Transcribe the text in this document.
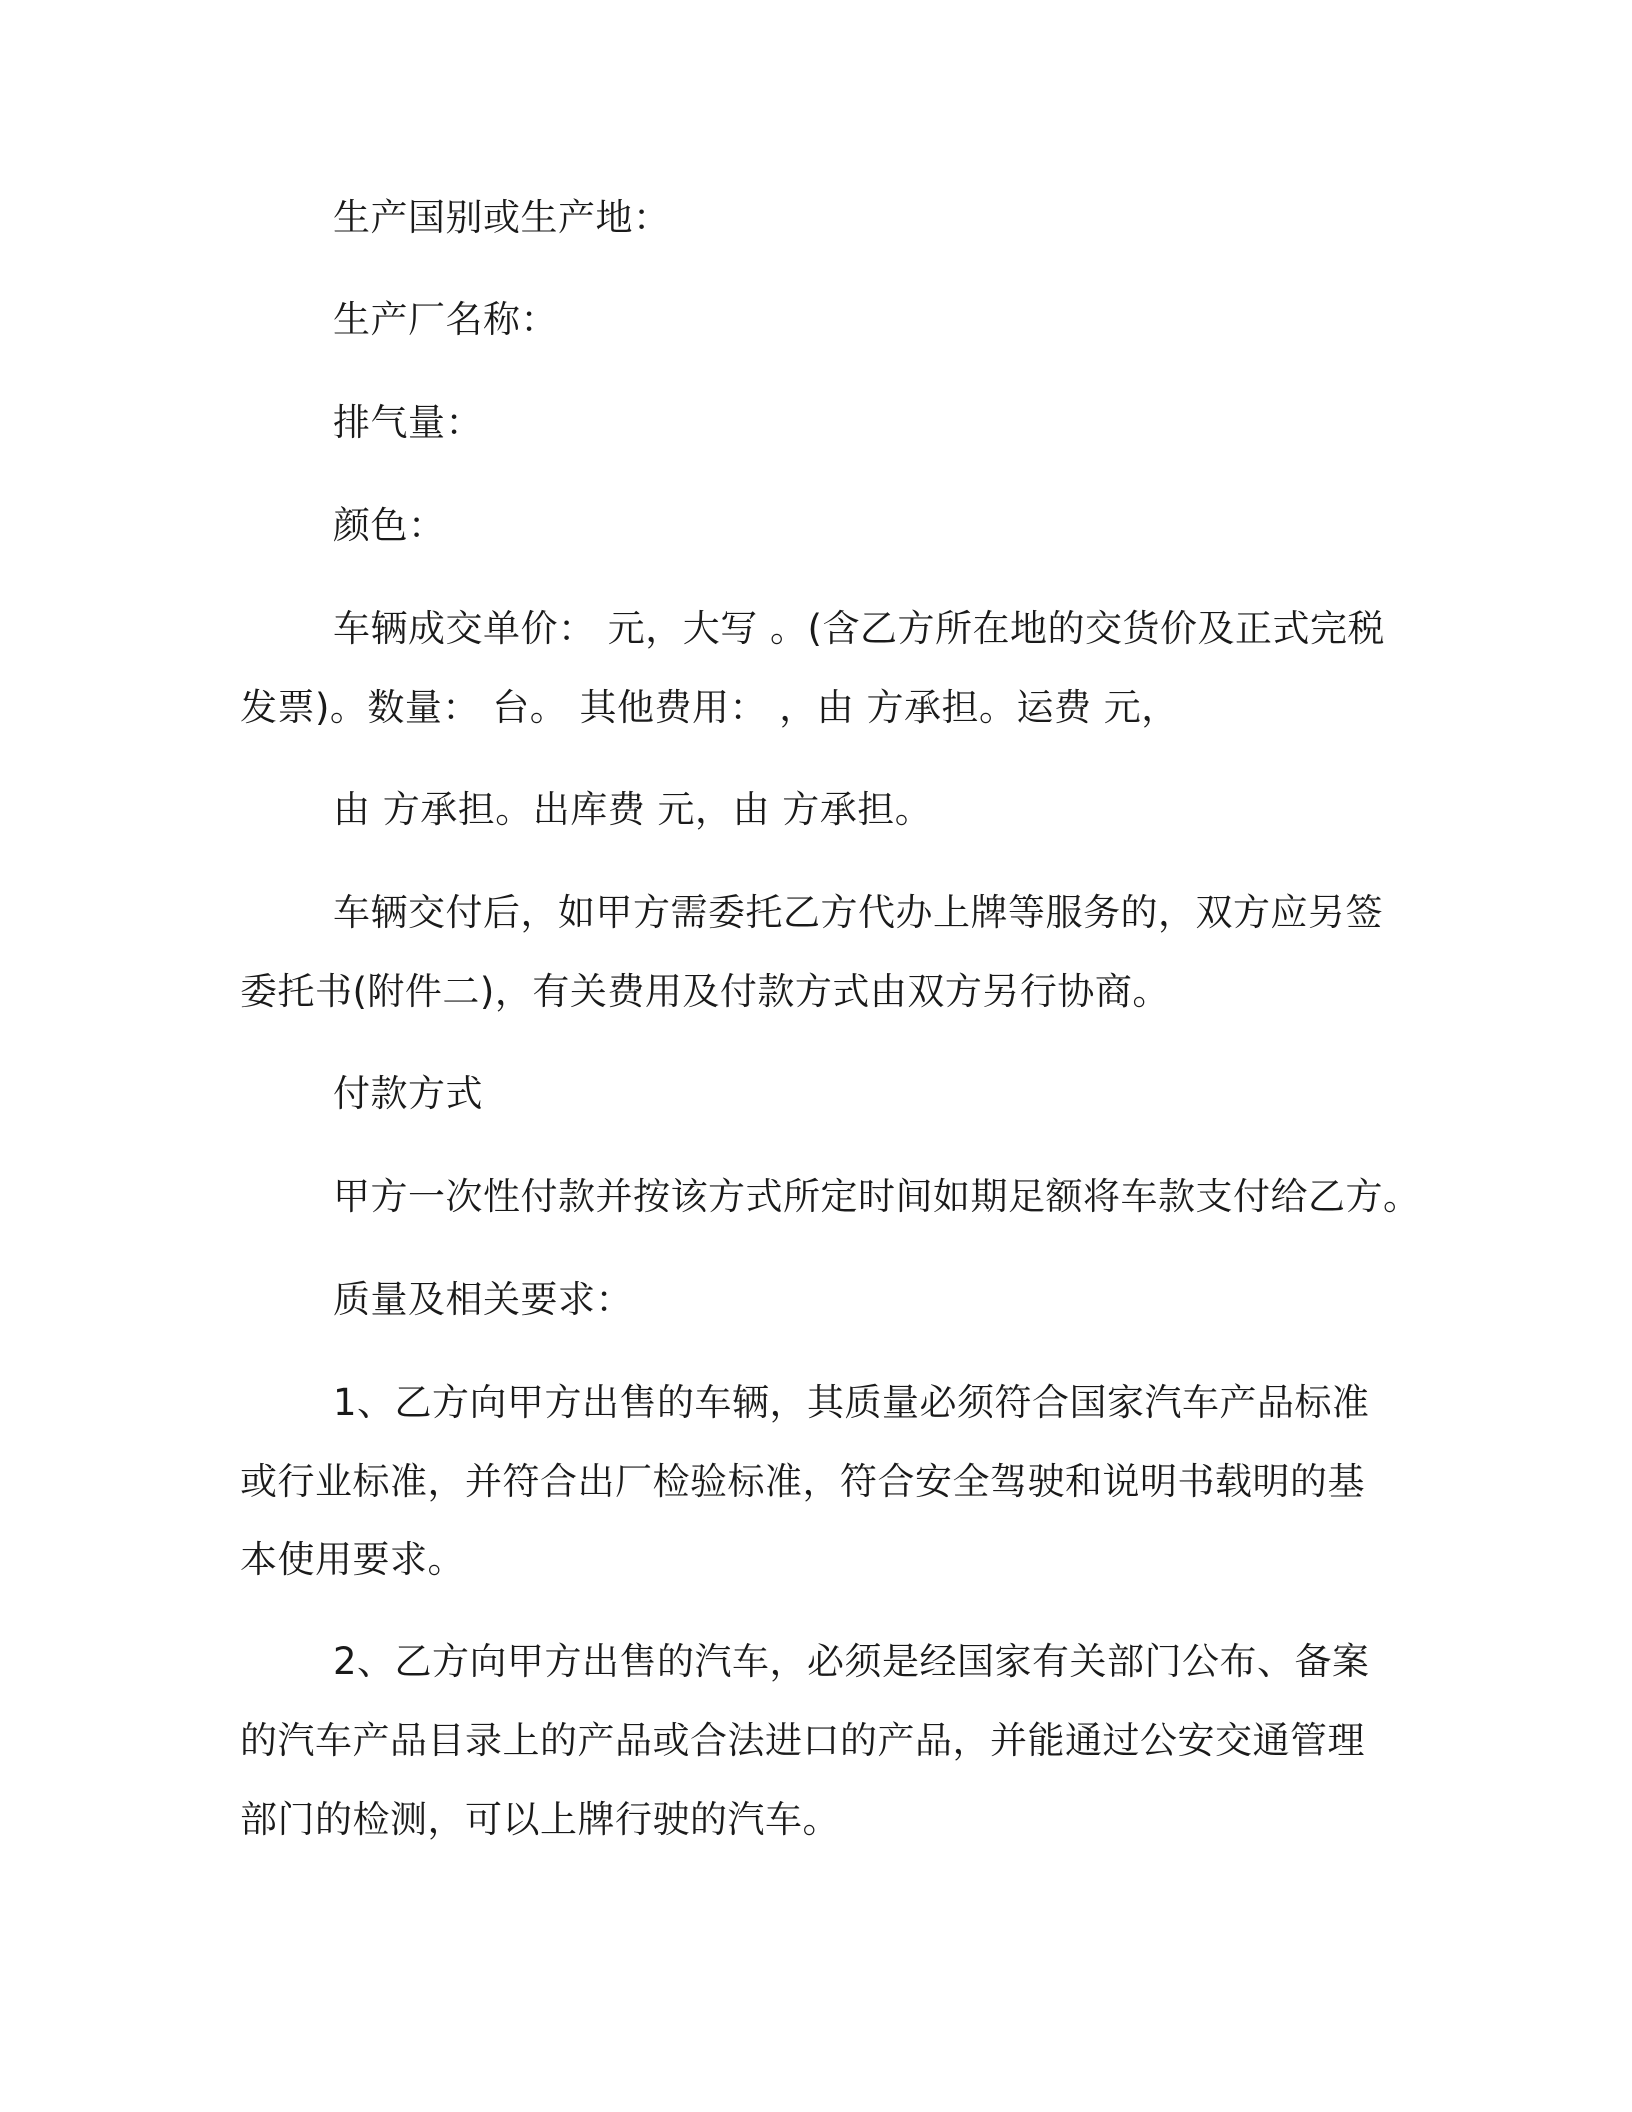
生产国别或生产地：

生产厂名称：

排气量：

颜色：

车辆成交单价： 元，大写 。(含乙方所在地的交货价及正式完税

发票)。数量： 台。 其他费用： ，由 方承担。运费 元，

由 方承担。出库费 元，由 方承担。

车辆交付后，如甲方需委托乙方代办上牌等服务的，双方应另签

委托书(附件二)，有关费用及付款方式由双方另行协商。

付款方式

甲方一次性付款并按该方式所定时间如期足额将车款支付给乙方。

质量及相关要求：

1、乙方向甲方出售的车辆，其质量必须符合国家汽车产品标准

或行业标准，并符合出厂检验标准，符合安全驾驶和说明书载明的基

本使用要求。

2、乙方向甲方出售的汽车，必须是经国家有关部门公布、备案

的汽车产品目录上的产品或合法进口的产品，并能通过公安交通管理

部门的检测，可以上牌行驶的汽车。
